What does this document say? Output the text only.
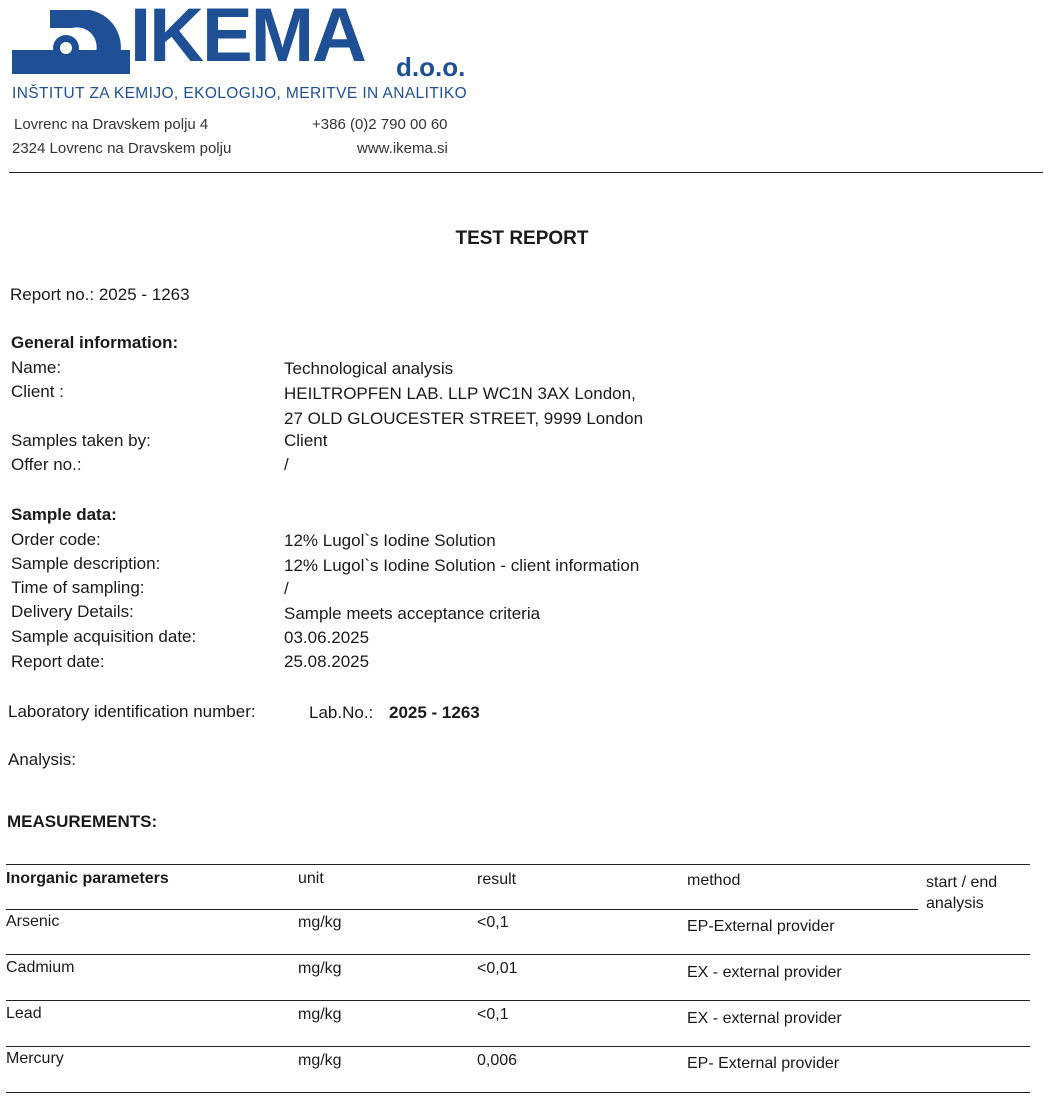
IKEMA d.o.o.
INŠTITUT ZA KEMIJO, EKOLOGIJO, MERITVE IN ANALITIKO
Lovrenc na Dravskem polju 4
2324 Lovrenc na Dravskem polju
+386 (0)2 790 00 60
www.ikema.si
TEST REPORT
Report no.: 2025 - 1263
General information:
Name:	Technological analysis
Client :	HEILTROPFEN LAB. LLP WC1N 3AX London,
27 OLD GLOUCESTER STREET, 9999 London
Samples taken by:	Client
Offer no.:	/
Sample data:
Order code:	12% Lugol`s Iodine Solution
Sample description:	12% Lugol`s Iodine Solution - client information
Time of sampling:	/
Delivery Details:	Sample meets acceptance criteria
Sample acquisition date:	03.06.2025
Report date:	25.08.2025
Laboratory identification number:	Lab.No.: 2025 - 1263
Analysis:
MEASUREMENTS:
Inorganic parameters	unit	result	method	start / end
analysis
Arsenic	mg/kg	<0,1	EP-External provider
Cadmium	mg/kg	<0,01	EX - external provider
Lead	mg/kg	<0,1	EX - external provider
Mercury	mg/kg	0,006	EP- External provider
